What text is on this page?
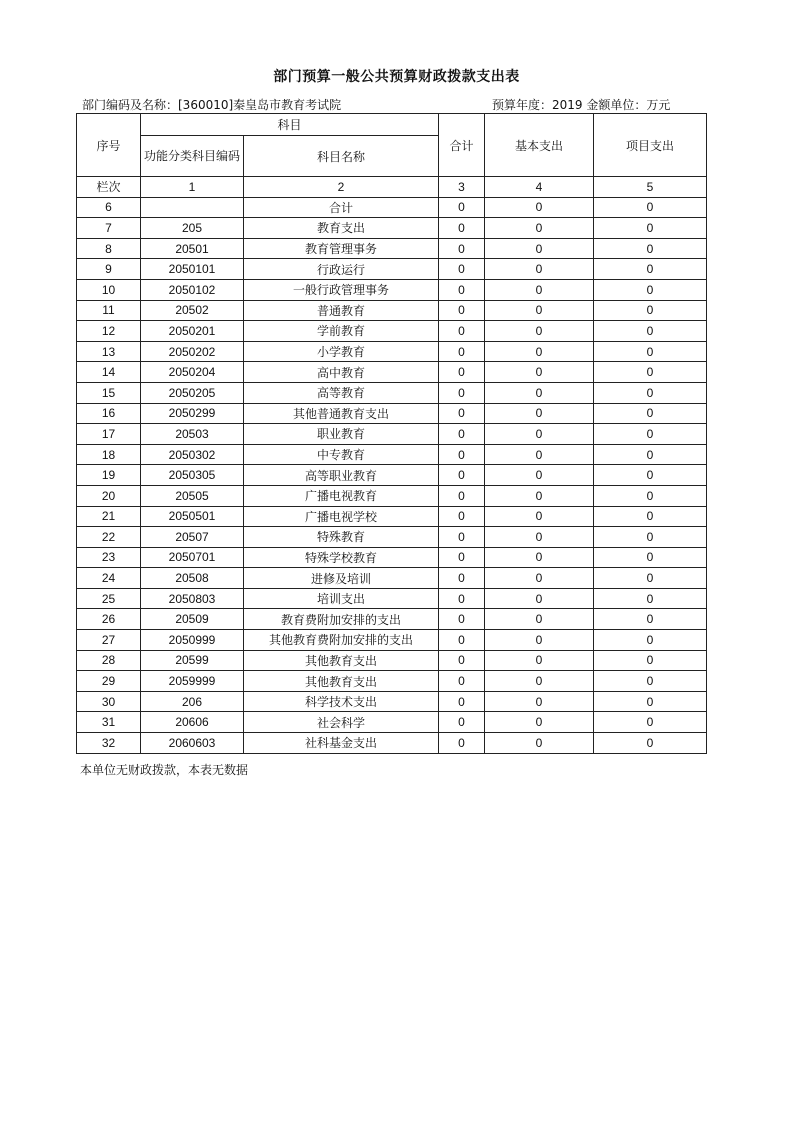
部门预算一般公共预算财政拨款支出表
部门编码及名称：[360010]秦皇岛市教育考试院	预算年度：2019 金额单位：万元
序号	科目		合计	基本支出	项目支出
	功能分类科目编码	科目名称			
栏次	1	2	3	4	5
6		合计	0	0	0
7	205	教育支出	0	0	0
8	20501	教育管理事务	0	0	0
9	2050101	行政运行	0	0	0
10	2050102	一般行政管理事务	0	0	0
11	20502	普通教育	0	0	0
12	2050201	学前教育	0	0	0
13	2050202	小学教育	0	0	0
14	2050204	高中教育	0	0	0
15	2050205	高等教育	0	0	0
16	2050299	其他普通教育支出	0	0	0
17	20503	职业教育	0	0	0
18	2050302	中专教育	0	0	0
19	2050305	高等职业教育	0	0	0
20	20505	广播电视教育	0	0	0
21	2050501	广播电视学校	0	0	0
22	20507	特殊教育	0	0	0
23	2050701	特殊学校教育	0	0	0
24	20508	进修及培训	0	0	0
25	2050803	培训支出	0	0	0
26	20509	教育费附加安排的支出	0	0	0
27	2050999	其他教育费附加安排的支出	0	0	0
28	20599	其他教育支出	0	0	0
29	2059999	其他教育支出	0	0	0
30	206	科学技术支出	0	0	0
31	20606	社会科学	0	0	0
32	2060603	社科基金支出	0	0	0
本单位无财政拨款，本表无数据
